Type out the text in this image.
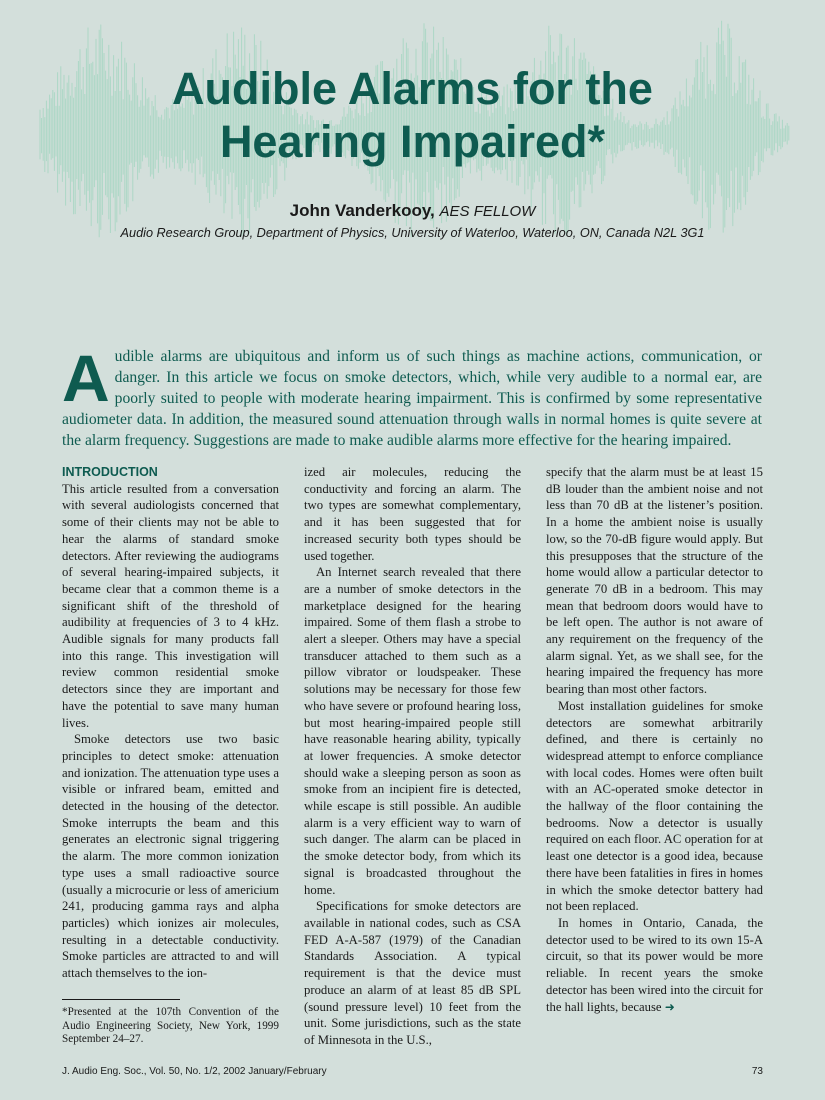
Audible Alarms for the
Hearing Impaired*
John Vanderkooy, AES FELLOW
Audio Research Group, Department of Physics, University of Waterloo, Waterloo, ON, Canada N2L 3G1

Audible alarms are ubiquitous and inform us of such things as machine actions, communication, or danger. In this article we focus on smoke detectors, which, while very audible to a normal ear, are poorly suited to people with moderate hearing impairment. This is confirmed by some representative audiometer data. In addition, the measured sound attenuation through walls in normal homes is quite severe at the alarm frequency. Suggestions are made to make audible alarms more effective for the hearing impaired.

INTRODUCTION

This article resulted from a conversation with several audiologists concerned that some of their clients may not be able to hear the alarms of standard smoke detectors. After reviewing the audiograms of several hearing-impaired subjects, it became clear that a common theme is a significant shift of the threshold of audibility at frequencies of 3 to 4 kHz. Audible signals for many products fall into this range. This investigation will review common residential smoke detectors since they are important and have the potential to save many human lives.

Smoke detectors use two basic principles to detect smoke: attenuation and ionization. The attenuation type uses a visible or infrared beam, emitted and detected in the housing of the detector. Smoke interrupts the beam and this generates an electronic signal triggering the alarm. The more common ionization type uses a small radioactive source (usually a microcurie or less of americium 241, producing gamma rays and alpha particles) which ionizes air molecules, resulting in a detectable conductivity. Smoke particles are attracted to and will attach themselves to the ion-

ized air molecules, reducing the conductivity and forcing an alarm. The two types are somewhat complementary, and it has been suggested that for increased security both types should be used together.

An Internet search revealed that there are a number of smoke detectors in the marketplace designed for the hearing impaired. Some of them flash a strobe to alert a sleeper. Others may have a special transducer attached to them such as a pillow vibrator or loudspeaker. These solutions may be necessary for those few who have severe or profound hearing loss, but most hearing-impaired people still have reasonable hearing ability, typically at lower frequencies. A smoke detector should wake a sleeping person as soon as smoke from an incipient fire is detected, while escape is still possible. An audible alarm is a very efficient way to warn of such danger. The alarm can be placed in the smoke detector body, from which its signal is broadcasted throughout the home.

Specifications for smoke detectors are available in national codes, such as CSA FED A-A-587 (1979) of the Canadian Standards Association. A typical requirement is that the device must produce an alarm of at least 85 dB SPL (sound pressure level) 10 feet from the unit. Some jurisdictions, such as the state of Minnesota in the U.S.,

specify that the alarm must be at least 15 dB louder than the ambient noise and not less than 70 dB at the listener’s position. In a home the ambient noise is usually low, so the 70-dB figure would apply. But this presupposes that the structure of the home would allow a particular detector to generate 70 dB in a bedroom. This may mean that bedroom doors would have to be left open. The author is not aware of any requirement on the frequency of the alarm signal. Yet, as we shall see, for the hearing impaired the frequency has more bearing than most other factors.

Most installation guidelines for smoke detectors are somewhat arbitrarily defined, and there is certainly no widespread attempt to enforce compliance with local codes. Homes were often built with an AC-operated smoke detector in the hallway of the floor containing the bedrooms. Now a detector is usually required on each floor. AC operation for at least one detector is a good idea, because there have been fatalities in fires in homes in which the smoke detector battery had not been replaced.

In homes in Ontario, Canada, the detector used to be wired to its own 15-A circuit, so that its power would be more reliable. In recent years the smoke detector has been wired into the circuit for the hall lights, because ➜

*Presented at the 107th Convention of the Audio Engineering Society, New York, 1999 September 24–27.
J. Audio Eng. Soc., Vol. 50, No. 1/2, 2002 January/February	73
